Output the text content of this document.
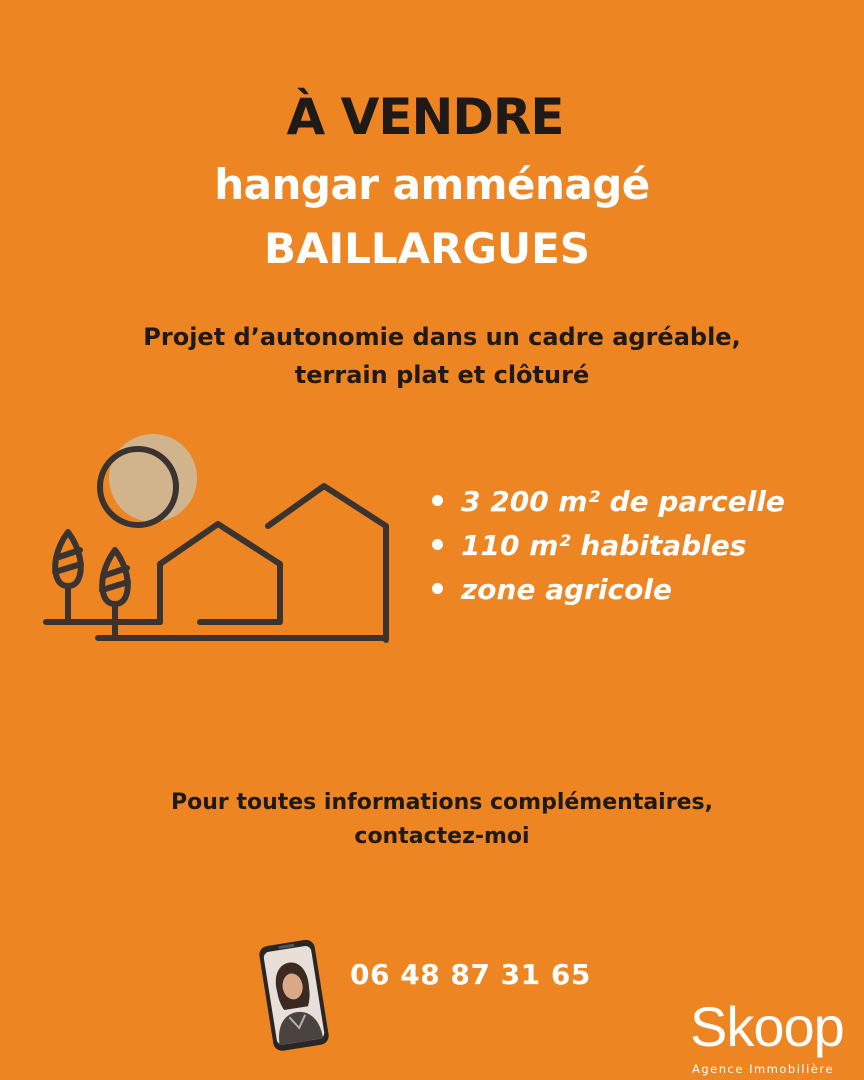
À VENDRE
hangar amménagé
BAILLARGUES
Projet d’autonomie dans un cadre agréable,
terrain plat et clôturé
3 200 m² de parcelle
110 m² habitables
zone agricole
Pour toutes informations complémentaires,
contactez-moi
06 48 87 31 65
Skoop
Agence Immobilière
